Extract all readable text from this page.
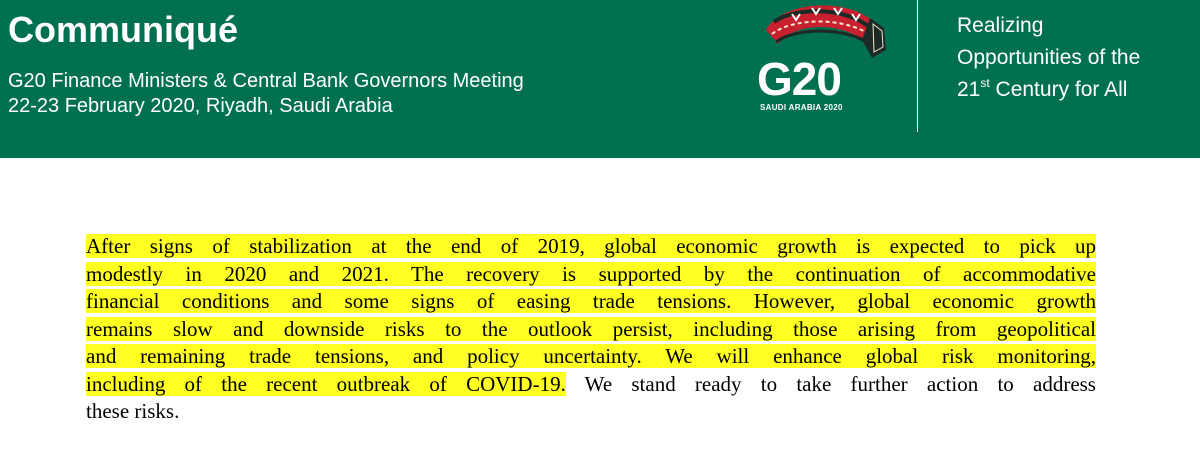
Communiqué
G20 Finance Ministers & Central Bank Governors Meeting
22-23 February 2020, Riyadh, Saudi Arabia
G20
SAUDI ARABIA 2020
Realizing
Opportunities of the
21st Century for All
After signs of stabilization at the end of 2019, global economic growth is expected to pick up
modestly in 2020 and 2021. The recovery is supported by the continuation of accommodative
financial conditions and some signs of easing trade tensions. However, global economic growth
remains slow and downside risks to the outlook persist, including those arising from geopolitical
and remaining trade tensions, and policy uncertainty. We will enhance global risk monitoring,
including of the recent outbreak of COVID-19. We stand ready to take further action to address
these risks.
